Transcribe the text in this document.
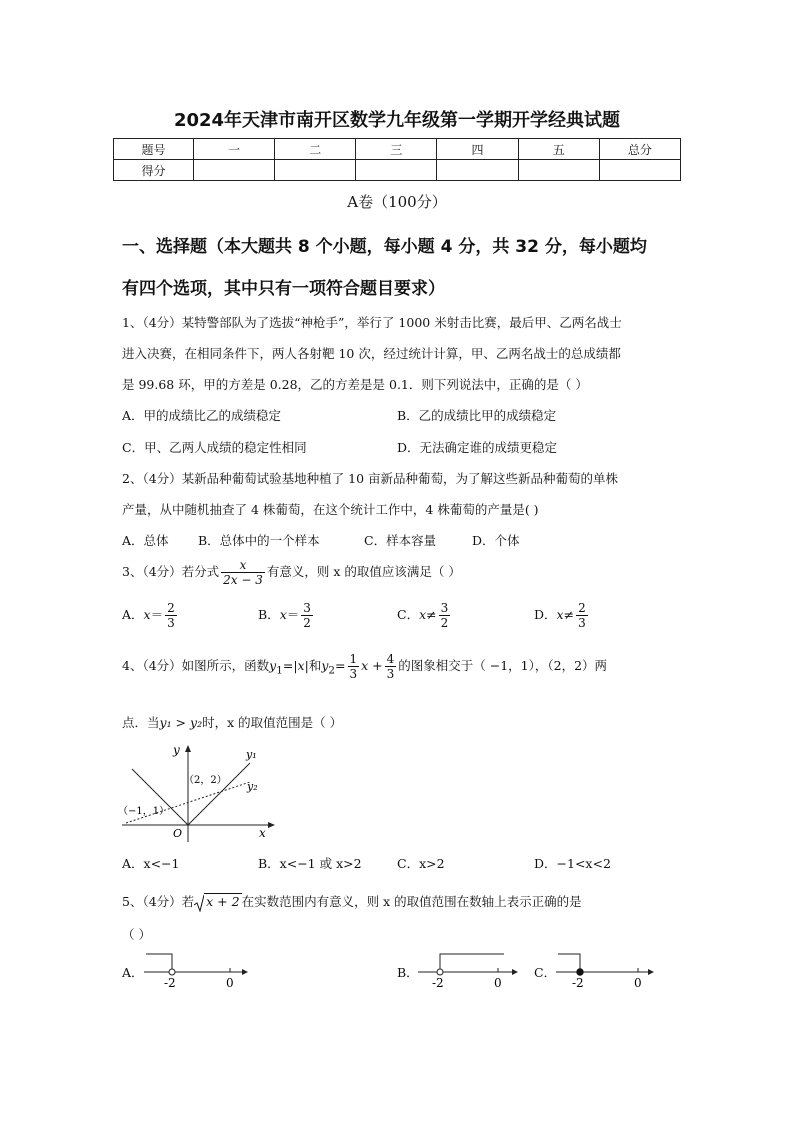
2024年天津市南开区数学九年级第一学期开学经典试题
题号	一	二	三	四	五	总分
得分						
A卷（100分）
一、选择题（本大题共 8 个小题，每小题 4 分，共 32 分，每小题均
有四个选项，其中只有一项符合题目要求）
1、（4分）某特警部队为了选拔“神枪手”，举行了 1000 米射击比赛，最后甲、乙两名战士
进入决赛，在相同条件下，两人各射靶 10 次，经过统计计算，甲、乙两名战士的总成绩都
是 99.68 环，甲的方差是 0.28，乙的方差是是 0.1．则下列说法中，正确的是（ ）
A．甲的成绩比乙的成绩稳定	B．乙的成绩比甲的成绩稳定
C．甲、乙两人成绩的稳定性相同	D．无法确定谁的成绩更稳定
2、（4分）某新品种葡萄试验基地种植了 10 亩新品种葡萄，为了解这些新品种葡萄的单株
产量，从中随机抽查了 4 株葡萄，在这个统计工作中，4 株葡萄的产量是( )
A．总体 B．总体中的一个样本	C．样本容量	D．个体
3、（4分）若分式 $\frac{x}{2x - 3}$ 有意义，则 x 的取值应该满足（ ）
A．$x= \frac{2}{3}$	B．$x= \frac{3}{2}$	C．$x\ne \frac{3}{2}$	D．$x\ne \frac{2}{3}$
4、（4分）如图所示，函数$y_1=|x|$和$y_2= \frac{1}{3}$ $x + \frac{4}{3}$ 的图象相交于（ −1，1），（2，2）两
点．当y₁ > y₂时，x 的取值范围是（ ）
y
x
O
y₁
y₂
（−1，1）
（2，2）
A．x<−1	B．x<−1 或 x>2	C．x>2	D．−1<x<2
5、（4分）若 x + 2 在实数范围内有意义，则 x 的取值范围在数轴上表示正确的是
（ ）
A．
-2	0
B．
-2	0
C．
-2	0
